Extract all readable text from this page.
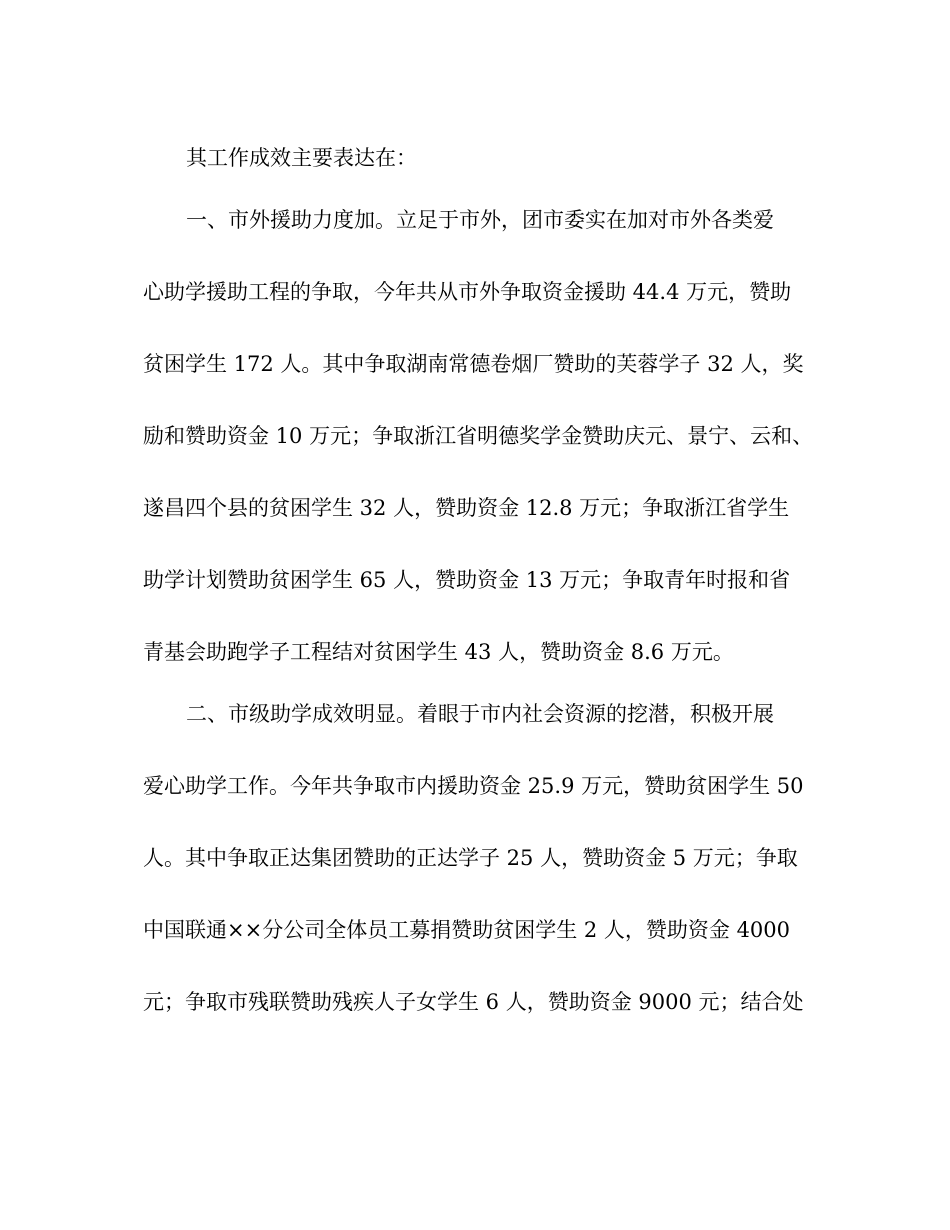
其工作成效主要表达在：
一、市外援助力度加。立足于市外，团市委实在加对市外各类爱
心助学援助工程的争取，今年共从市外争取资金援助 44.4 万元，赞助
贫困学生 172 人。其中争取湖南常德卷烟厂赞助的芙蓉学子 32 人，奖
励和赞助资金 10 万元；争取浙江省明德奖学金赞助庆元、景宁、云和、
遂昌四个县的贫困学生 32 人，赞助资金 12.8 万元；争取浙江省学生
助学计划赞助贫困学生 65 人，赞助资金 13 万元；争取青年时报和省
青基会助跑学子工程结对贫困学生 43 人，赞助资金 8.6 万元。
二、市级助学成效明显。着眼于市内社会资源的挖潜，积极开展
爱心助学工作。今年共争取市内援助资金 25.9 万元，赞助贫困学生 50
人。其中争取正达集团赞助的正达学子 25 人，赞助资金 5 万元；争取
中国联通××分公司全体员工募捐赞助贫困学生 2 人，赞助资金 4000
元；争取市残联赞助残疾人子女学生 6 人，赞助资金 9000 元；结合处
